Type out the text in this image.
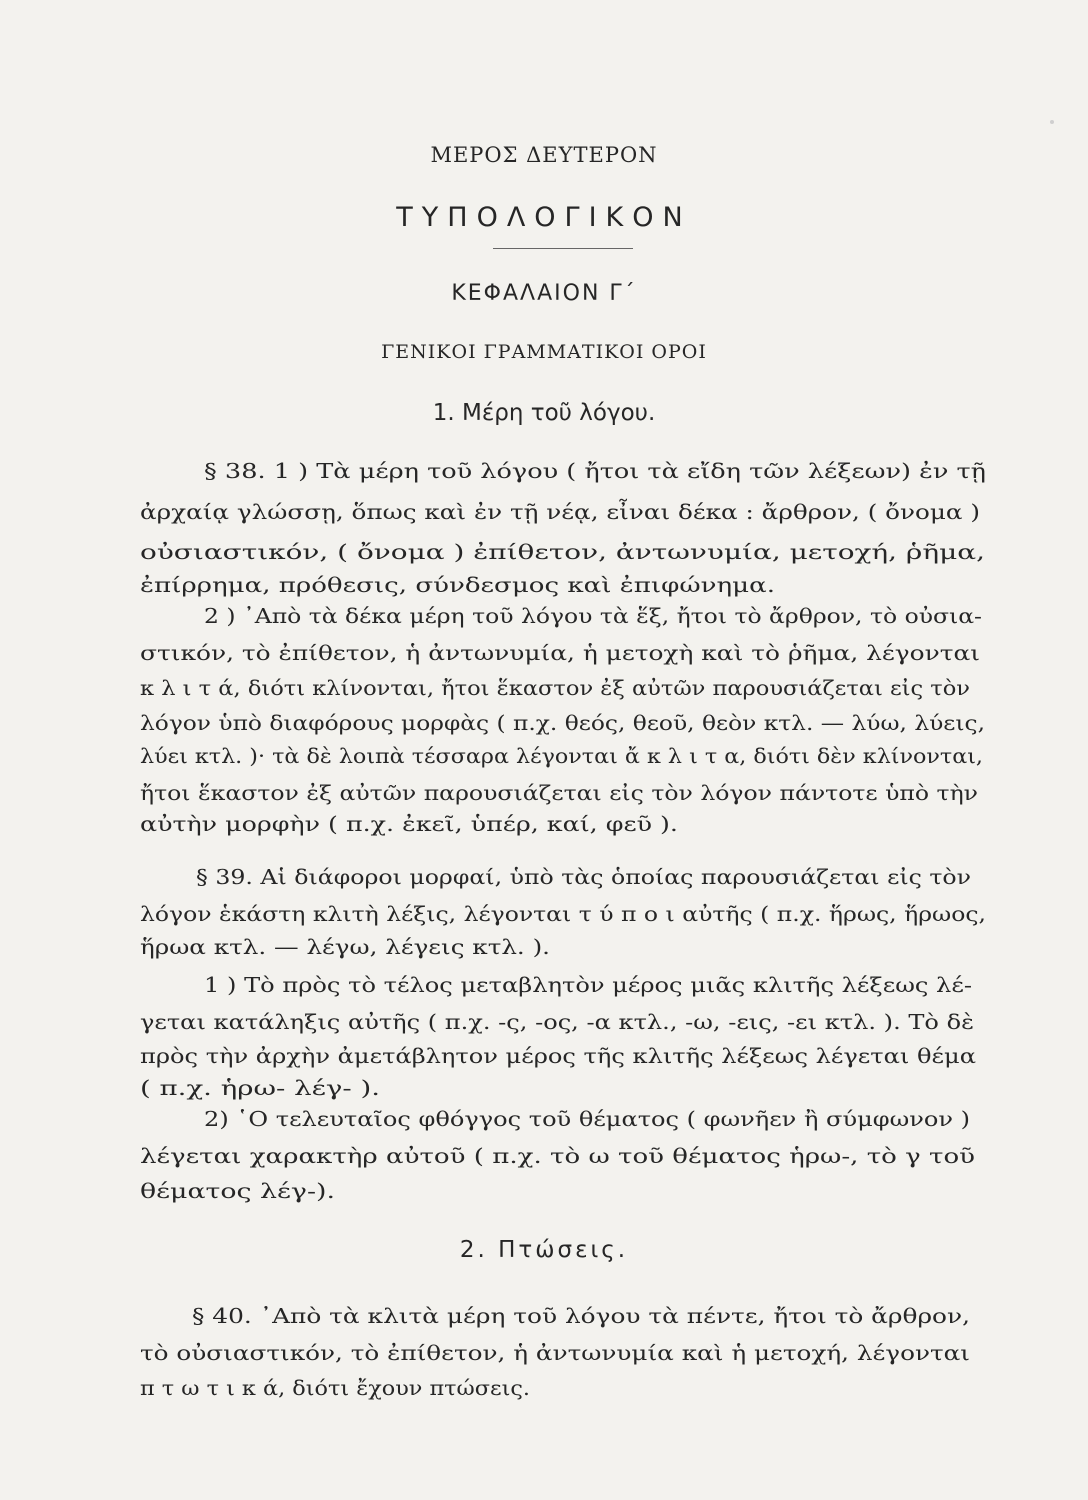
ΜΕΡΟΣ ΔΕΥΤΕΡΟΝ
ΤΥΠΟΛΟΓΙΚΟΝ
ΚΕΦΑΛΑΙΟΝ Γ΄
ΓΕΝΙΚΟΙ ΓΡΑΜΜΑΤΙΚΟΙ ΟΡΟΙ
1. Μέρη τοῦ λόγου.
2. Πτώσεις.

§ 38. 1 ) Τὰ μέρη τοῦ λόγου ( ἤτοι τὰ εἴδη τῶν λέξεων) ἐν τῇ

ἀρχαίᾳ γλώσσῃ, ὅπως καὶ ἐν τῇ νέᾳ, εἶναι δέκα : ἄρθρον, ( ὄνομα )

οὐσιαστικόν, ( ὄνομα ) ἐπίθετον, ἀντωνυμία, μετοχή, ῥῆμα,

ἐπίρρημα, πρόθεσις, σύνδεσμος καὶ ἐπιφώνημα.

2 ) ᾿Απὸ τὰ δέκα μέρη τοῦ λόγου τὰ ἕξ, ἤτοι τὸ ἄρθρον, τὸ οὐσια-

στικόν, τὸ ἐπίθετον, ἡ ἀντωνυμία, ἡ μετοχὴ καὶ τὸ ῥῆμα, λέγονται

κ λ ι τ ά, διότι κλίνονται, ἤτοι ἕκαστον ἐξ αὐτῶν παρουσιάζεται εἰς τὸν

λόγον ὑπὸ διαφόρους μορφὰς ( π.χ. θεός, θεοῦ, θεὸν κτλ. — λύω, λύεις,

λύει κτλ. )· τὰ δὲ λοιπὰ τέσσαρα λέγονται ἄ κ λ ι τ α, διότι δὲν κλίνονται,

ἤτοι ἕκαστον ἐξ αὐτῶν παρουσιάζεται εἰς τὸν λόγον πάντοτε ὑπὸ τὴν

αὐτὴν μορφὴν ( π.χ. ἐκεῖ, ὑπέρ, καί, φεῦ ).

§ 39. Αἱ διάφοροι μορφαί, ὑπὸ τὰς ὁποίας παρουσιάζεται εἰς τὸν

λόγον ἑκάστη κλιτὴ λέξις, λέγονται τ ύ π ο ι αὐτῆς ( π.χ. ἥρως, ἥρωος,

ἥρωα κτλ. — λέγω, λέγεις κτλ. ).

1 ) Τὸ πρὸς τὸ τέλος μεταβλητὸν μέρος μιᾶς κλιτῆς λέξεως λέ-

γεται κατάληξις αὐτῆς ( π.χ. -ς, -ος, -α κτλ., -ω, -εις, -ει κτλ. ). Τὸ δὲ

πρὸς τὴν ἀρχὴν ἀμετάβλητον μέρος τῆς κλιτῆς λέξεως λέγεται θέμα

( π.χ. ἡρω- λέγ- ).

2) ῾Ο τελευταῖος φθόγγος τοῦ θέματος ( φωνῆεν ἢ σύμφωνον )

λέγεται χαρακτὴρ αὐτοῦ ( π.χ. τὸ ω τοῦ θέματος ἡρω-, τὸ γ τοῦ

θέματος λέγ-).

§ 40. ᾿Απὸ τὰ κλιτὰ μέρη τοῦ λόγου τὰ πέντε, ἤτοι τὸ ἄρθρον,

τὸ οὐσιαστικόν, τὸ ἐπίθετον, ἡ ἀντωνυμία καὶ ἡ μετοχή, λέγονται

π τ ω τ ι κ ά, διότι ἔχουν πτώσεις.
